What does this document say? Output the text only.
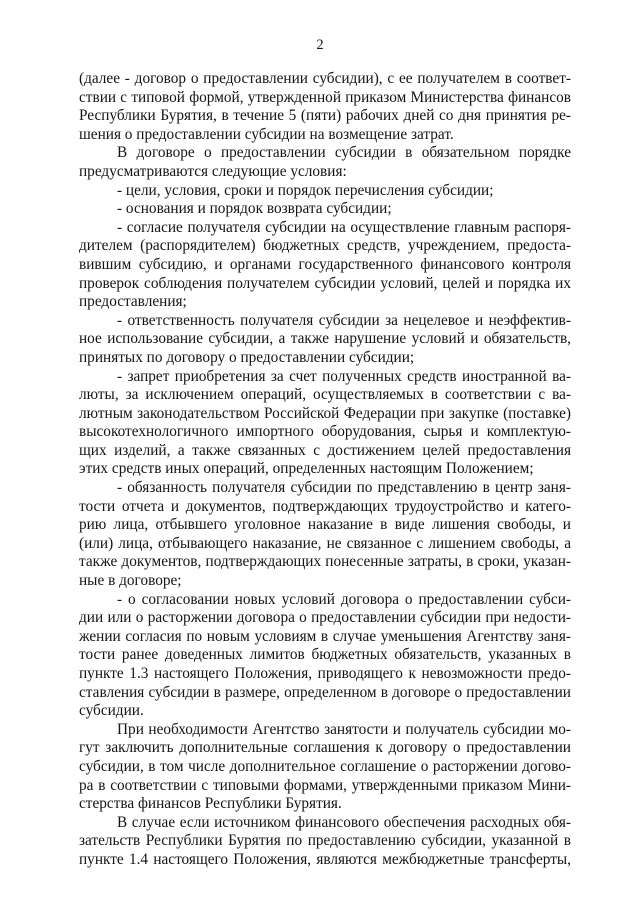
2

(далее - договор о предоставлении субсидии), с ее получателем в соответ-

ствии с типовой формой, утвержденной приказом Министерства финансов

Республики Бурятия, в течение 5 (пяти) рабочих дней со дня принятия ре-

шения о предоставлении субсидии на возмещение затрат.

В договоре о предоставлении субсидии в обязательном порядке

предусматриваются следующие условия:

- цели, условия, сроки и порядок перечисления субсидии;

- основания и порядок возврата субсидии;

- согласие получателя субсидии на осуществление главным распоря-

дителем (распорядителем) бюджетных средств, учреждением, предоста-

вившим субсидию, и органами государственного финансового контроля

проверок соблюдения получателем субсидии условий, целей и порядка их

предоставления;

- ответственность получателя субсидии за нецелевое и неэффектив-

ное использование субсидии, а также нарушение условий и обязательств,

принятых по договору о предоставлении субсидии;

- запрет приобретения за счет полученных средств иностранной ва-

люты, за исключением операций, осуществляемых в соответствии с ва-

лютным законодательством Российской Федерации при закупке (поставке)

высокотехнологичного импортного оборудования, сырья и комплектую-

щих изделий, а также связанных с достижением целей предоставления

этих средств иных операций, определенных настоящим Положением;

- обязанность получателя субсидии по представлению в центр заня-

тости отчета и документов, подтверждающих трудоустройство и катего-

рию лица, отбывшего уголовное наказание в виде лишения свободы, и

(или) лица, отбывающего наказание, не связанное с лишением свободы, а

также документов, подтверждающих понесенные затраты, в сроки, указан-

ные в договоре;

- о согласовании новых условий договора о предоставлении субси-

дии или о расторжении договора о предоставлении субсидии при недости-

жении согласия по новым условиям в случае уменьшения Агентству заня-

тости ранее доведенных лимитов бюджетных обязательств, указанных в

пункте 1.3 настоящего Положения, приводящего к невозможности предо-

ставления субсидии в размере, определенном в договоре о предоставлении

субсидии.

При необходимости Агентство занятости и получатель субсидии мо-

гут заключить дополнительные соглашения к договору о предоставлении

субсидии, в том числе дополнительное соглашение о расторжении догово-

ра в соответствии с типовыми формами, утвержденными приказом Мини-

стерства финансов Республики Бурятия.

В случае если источником финансового обеспечения расходных обя-

зательств Республики Бурятия по предоставлению субсидии, указанной в

пункте 1.4 настоящего Положения, являются межбюджетные трансферты,
